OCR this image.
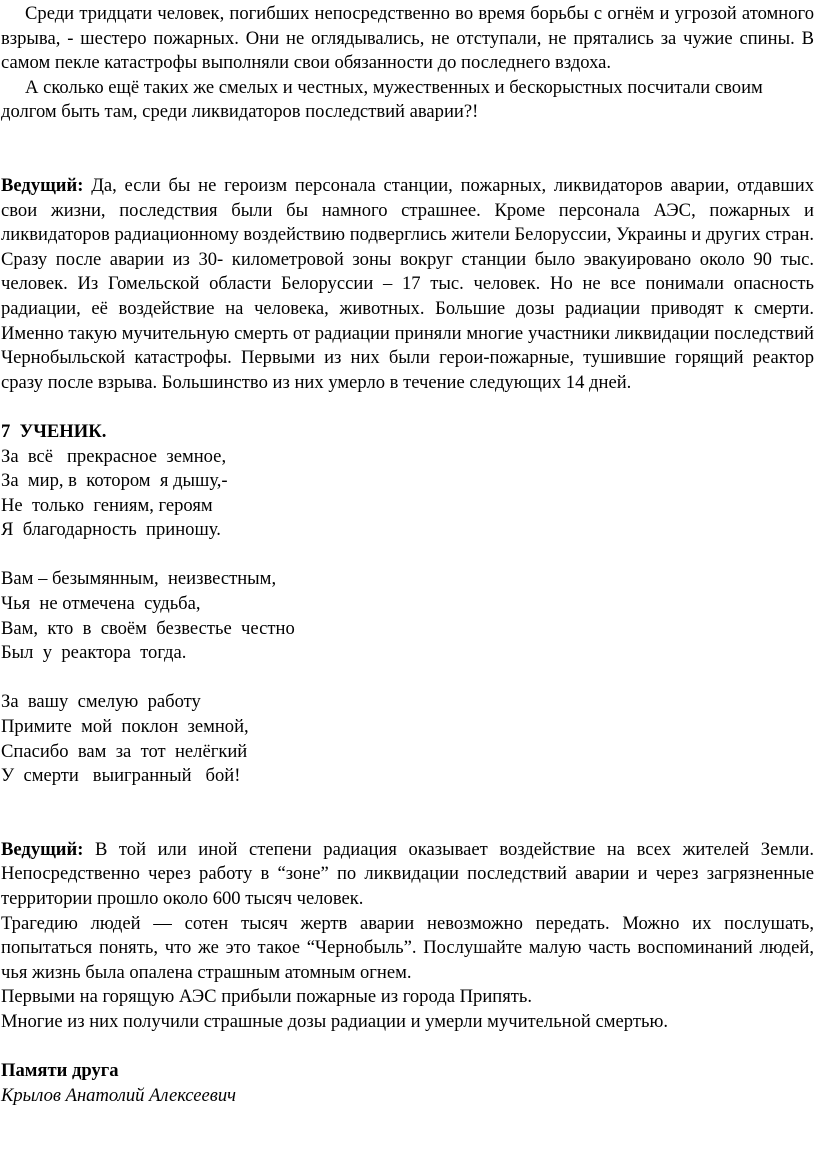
Среди тридцати человек, погибших непосредственно во время борьбы с огнём и угрозой атомного взрыва, - шестеро пожарных. Они не оглядывались, не отступали, не прятались за чужие спины. В самом пекле катастрофы выполняли свои обязанности до последнего вздоха.

А сколько ещё таких же смелых и честных, мужественных и бескорыстных посчитали своим долгом быть там, среди ликвидаторов последствий аварии?!

Ведущий: Да, если бы не героизм персонала станции, пожарных, ликвидаторов аварии, отдавших свои жизни, последствия были бы намного страшнее. Кроме персонала АЭС, пожарных и ликвидаторов радиационному воздействию подверглись жители Белоруссии, Украины и других стран. Сразу после аварии из 30- километровой зоны вокруг станции было эвакуировано около 90 тыс. человек. Из Гомельской области Белоруссии – 17 тыс. человек. Но не все понимали опасность радиации, её воздействие на человека, животных. Большие дозы радиации приводят к смерти. Именно такую мучительную смерть от радиации приняли многие участники ликвидации последствий Чернобыльской катастрофы. Первыми из них были герои-пожарные, тушившие горящий реактор сразу после взрыва. Большинство из них умерло в течение следующих 14 дней.

7  УЧЕНИК.

За  всё   прекрасное  земное,

За  мир, в  котором  я дышу,-

Не  только  гениям, героям

Я  благодарность  приношу.

Вам – безымянным,  неизвестным,

Чья  не отмечена  судьба,

Вам,  кто  в  своём  безвестье  честно

Был  у  реактора  тогда.

За  вашу  смелую  работу

Примите  мой  поклон  земной,

Спасибо  вам  за  тот  нелёгкий

У  смерти   выигранный   бой!

Ведущий: В той или иной степени радиация оказывает воздействие на всех жителей Земли. Непосредственно через работу в “зоне” по ликвидации последствий аварии и через загрязненные территории прошло около 600 тысяч человек.

Трагедию людей — сотен тысяч жертв аварии невозможно передать. Можно их послушать, попытаться понять, что же это такое “Чернобыль”. Послушайте малую часть воспоминаний людей, чья жизнь была опалена страшным атомным огнем.

Первыми на горящую АЭС прибыли пожарные из города Припять.

Многие из них получили страшные дозы радиации и умерли мучительной смертью.

Памяти друга

Крылов Анатолий Алексеевич
